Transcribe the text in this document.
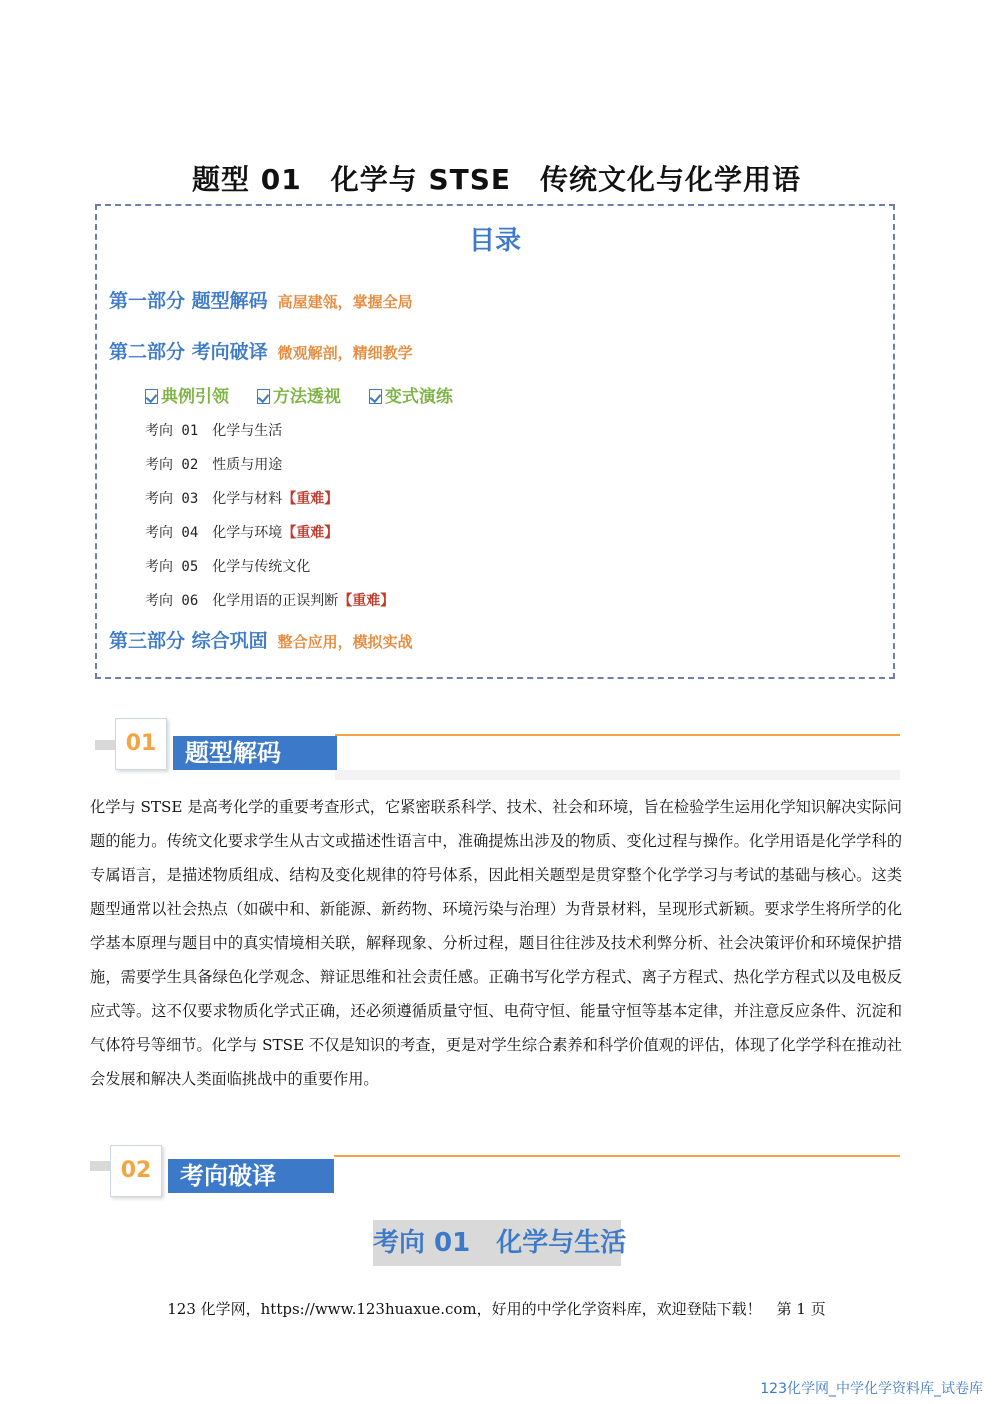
题型 01　化学与 STSE　传统文化与化学用语
目录
第一部分 题型解码 高屋建瓴，掌握全局
第二部分 考向破译 微观解剖，精细教学
典例引领	方法透视	变式演练
考向 01　化学与生活
考向 02　性质与用途
考向 03　化学与材料【重难】
考向 04　化学与环境【重难】
考向 05　化学与传统文化
考向 06　化学用语的正误判断【重难】
第三部分 综合巩固 整合应用，模拟实战
01	题型解码
化学与 STSE 是高考化学的重要考查形式，它紧密联系科学、技术、社会和环境，旨在检验学生运用化学知识解决实际问题的能力。传统文化要求学生从古文或描述性语言中，准确提炼出涉及的物质、变化过程与操作。化学用语是化学学科的专属语言，是描述物质组成、结构及变化规律的符号体系，因此相关题型是贯穿整个化学学习与考试的基础与核心。这类题型通常以社会热点（如碳中和、新能源、新药物、环境污染与治理）为背景材料，呈现形式新颖。要求学生将所学的化学基本原理与题目中的真实情境相关联，解释现象、分析过程，题目往往涉及技术利弊分析、社会决策评价和环境保护措施，需要学生具备绿色化学观念、辩证思维和社会责任感。正确书写化学方程式、离子方程式、热化学方程式以及电极反应式等。这不仅要求物质化学式正确，还必须遵循质量守恒、电荷守恒、能量守恒等基本定律，并注意反应条件、沉淀和气体符号等细节。化学与 STSE 不仅是知识的考查，更是对学生综合素养和科学价值观的评估，体现了化学学科在推动社会发展和解决人类面临挑战中的重要作用。
02	考向破译
考向 01　化学与生活
123 化学网，https://www.123huaxue.com，好用的中学化学资料库，欢迎登陆下载！　第 1 页
123化学网_中学化学资料库_试卷库
